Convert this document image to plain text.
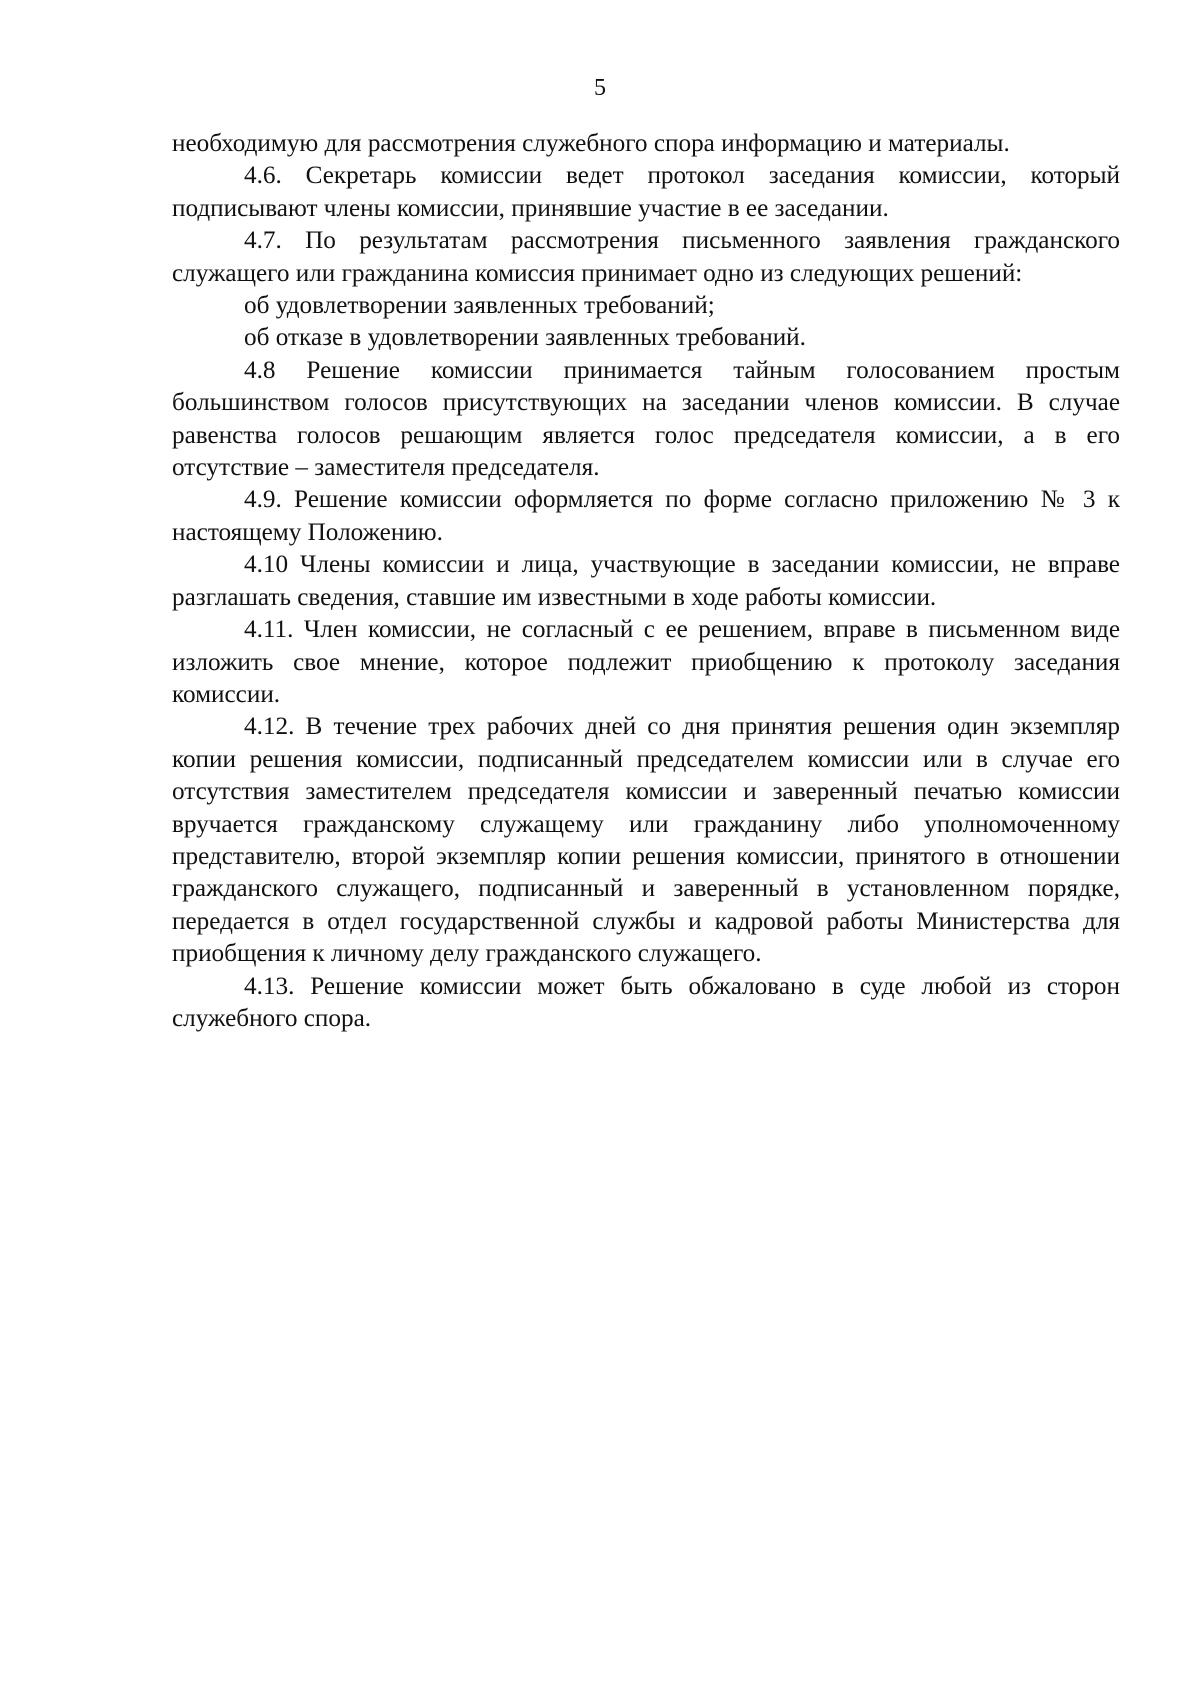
5

необходимую для рассмотрения служебного спора информацию и материалы.

4.6. Секретарь комиссии ведет протокол заседания комиссии, который подписывают члены комиссии, принявшие участие в ее заседании.

4.7. По результатам рассмотрения письменного заявления гражданского служащего или гражданина комиссия принимает одно из следующих решений:

об удовлетворении заявленных требований;

об отказе в удовлетворении заявленных требований.

4.8 Решение комиссии принимается тайным голосованием простым большинством голосов присутствующих на заседании членов комиссии. В случае равенства голосов решающим является голос председателя комиссии, а в его отсутствие – заместителя председателя.

4.9. Решение комиссии оформляется по форме согласно приложению № 3 к настоящему Положению.

4.10 Члены комиссии и лица, участвующие в заседании комиссии, не вправе разглашать сведения, ставшие им известными в ходе работы комиссии.

4.11. Член комиссии, не согласный с ее решением, вправе в письменном виде изложить свое мнение, которое подлежит приобщению к протоколу заседания комиссии.

4.12. В течение трех рабочих дней со дня принятия решения один экземпляр копии решения комиссии, подписанный председателем комиссии или в случае его отсутствия заместителем председателя комиссии и заверенный печатью комиссии вручается гражданскому служащему или гражданину либо уполномоченному представителю, второй экземпляр копии решения комиссии, принятого в отношении гражданского служащего, подписанный и заверенный в установленном порядке, передается в отдел государственной службы и кадровой работы Министерства для приобщения к личному делу гражданского служащего.

4.13. Решение комиссии может быть обжаловано в суде любой из сторон служебного спора.
